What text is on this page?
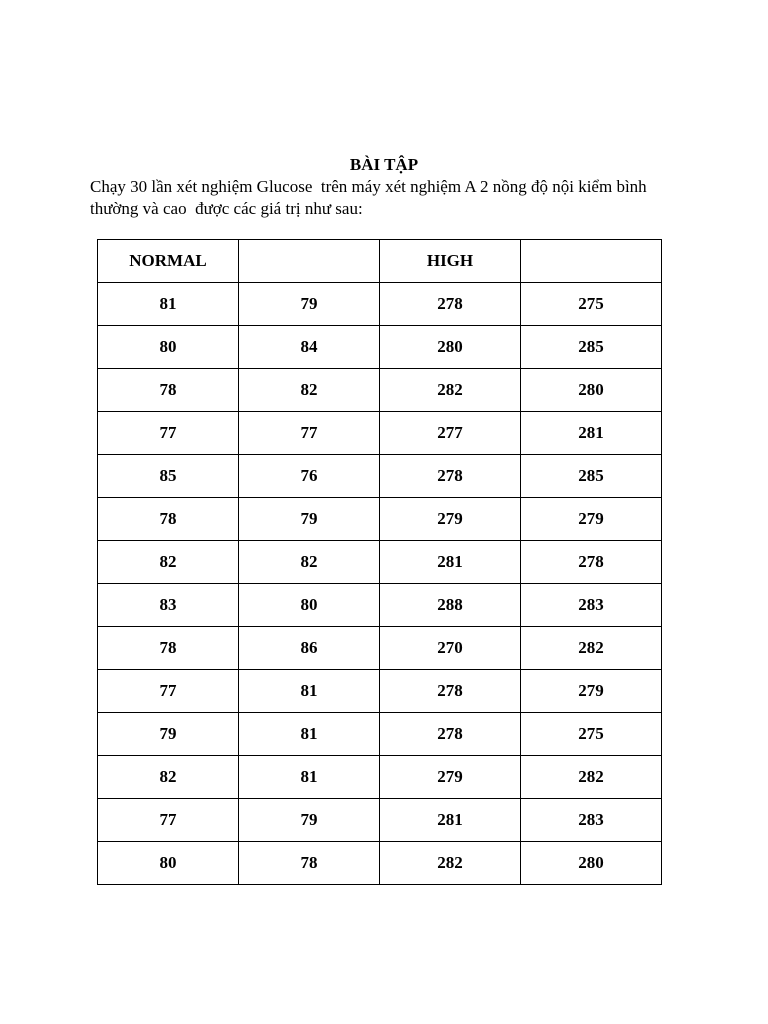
BÀI TẬP
Chạy 30 lần xét nghiệm Glucose  trên máy xét nghiệm A 2 nồng độ nội kiểm bình
thường và cao  được các giá trị như sau:
NORMAL		HIGH	
81	79	278	275
80	84	280	285
78	82	282	280
77	77	277	281
85	76	278	285
78	79	279	279
82	82	281	278
83	80	288	283
78	86	270	282
77	81	278	279
79	81	278	275
82	81	279	282
77	79	281	283
80	78	282	280
